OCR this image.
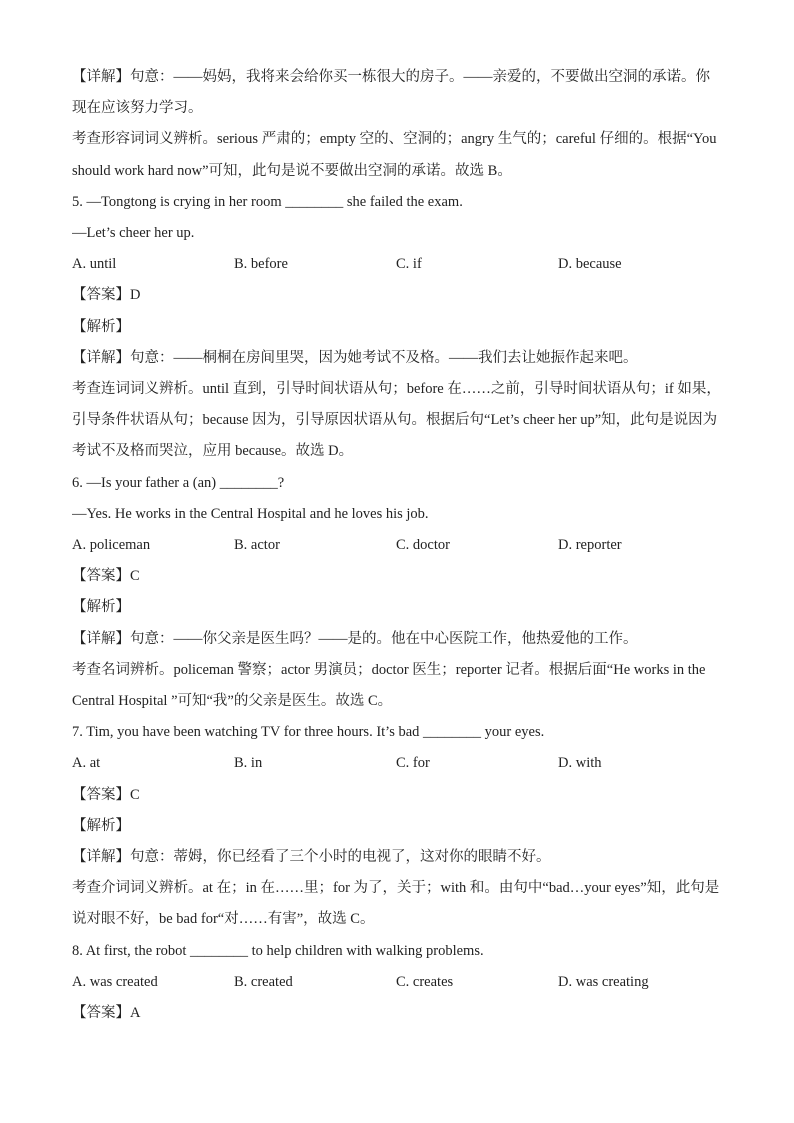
【详解】句意：——妈妈，我将来会给你买一栋很大的房子。——亲爱的，不要做出空洞的承诺。你现在应该努力学习。
考查形容词词义辨析。serious 严肃的；empty 空的、空洞的；angry 生气的；careful 仔细的。根据“You should work hard now”可知，此句是说不要做出空洞的承诺。故选 B。
5. —Tongtong is crying in her room ________ she failed the exam.
—Let’s cheer her up.
A. until	B. before	C. if	D. because
【答案】D
【解析】
【详解】句意：——桐桐在房间里哭，因为她考试不及格。——我们去让她振作起来吧。
考查连词词义辨析。until 直到，引导时间状语从句；before 在……之前，引导时间状语从句；if 如果，引导条件状语从句；because 因为，引导原因状语从句。根据后句“Let’s cheer her up”知，此句是说因为考试不及格而哭泣，应用 because。故选 D。
6. —Is your father a (an) ________?
—Yes. He works in the Central Hospital and he loves his job.
A. policeman	B. actor	C. doctor	D. reporter
【答案】C
【解析】
【详解】句意：——你父亲是医生吗？——是的。他在中心医院工作，他热爱他的工作。
考查名词辨析。policeman 警察；actor 男演员；doctor 医生；reporter 记者。根据后面“He works in the Central Hospital ”可知“我”的父亲是医生。故选 C。
7. Tim, you have been watching TV for three hours. It’s bad ________ your eyes.
A. at	B. in	C. for	D. with
【答案】C
【解析】
【详解】句意：蒂姆，你已经看了三个小时的电视了，这对你的眼睛不好。
考查介词词义辨析。at 在；in 在……里；for 为了，关于；with 和。由句中“bad…your eyes”知，此句是说对眼不好，be bad for“对……有害”，故选 C。
8. At first, the robot ________ to help children with walking problems.
A. was created	B. created	C. creates	D. was creating
【答案】A
